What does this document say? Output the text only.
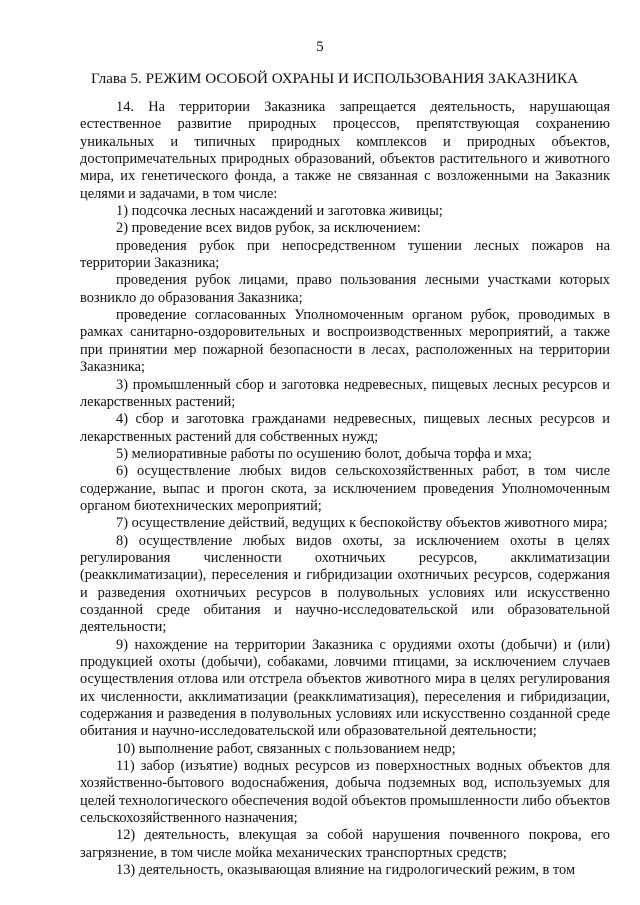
5
Глава 5. РЕЖИМ ОСОБОЙ ОХРАНЫ И ИСПОЛЬЗОВАНИЯ ЗАКАЗНИКА

14. На территории Заказника запрещается деятельность, нарушающая естественное развитие природных процессов, препятствующая сохранению уникальных и типичных природных комплексов и природных объектов, достопримечательных природных образований, объектов растительного и животного мира, их генетического фонда, а также не связанная с возложенными на Заказник целями и задачами, в том числе:

1) подсочка лесных насаждений и заготовка живицы;

2) проведение всех видов рубок, за исключением:

проведения рубок при непосредственном тушении лесных пожаров на территории Заказника;

проведения рубок лицами, право пользования лесными участками которых возникло до образования Заказника;

проведение согласованных Уполномоченным органом рубок, проводимых в рамках санитарно-оздоровительных и воспроизводственных мероприятий, а также при принятии мер пожарной безопасности в лесах, расположенных на территории Заказника;

3) промышленный сбор и заготовка недревесных, пищевых лесных ресурсов и лекарственных растений;

4) сбор и заготовка гражданами недревесных, пищевых лесных ресурсов и лекарственных растений для собственных нужд;

5) мелиоративные работы по осушению болот, добыча торфа и мха;

6) осуществление любых видов сельскохозяйственных работ, в том числе содержание, выпас и прогон скота, за исключением проведения Уполномоченным органом биотехнических мероприятий;

7) осуществление действий, ведущих к беспокойству объектов животного мира;

8) осуществление любых видов охоты, за исключением охоты в целях регулирования численности охотничьих ресурсов, акклиматизации (реакклиматизации), переселения и гибридизации охотничьих ресурсов, содержания и разведения охотничьих ресурсов в полувольных условиях или искусственно созданной среде обитания и научно-исследовательской или образовательной деятельности;

9) нахождение на территории Заказника с орудиями охоты (добычи) и (или) продукцией охоты (добычи), собаками, ловчими птицами, за исключением случаев осуществления отлова или отстрела объектов животного мира в целях регулирования их численности, акклиматизации (реакклиматизация), переселения и гибридизации, содержания и разведения в полувольных условиях или искусственно созданной среде обитания и научно-исследовательской или образовательной деятельности;

10) выполнение работ, связанных с пользованием недр;

11) забор (изъятие) водных ресурсов из поверхностных водных объектов для хозяйственно-бытового водоснабжения, добыча подземных вод, используемых для целей технологического обеспечения водой объектов промышленности либо объектов сельскохозяйственного назначения;

12) деятельность, влекущая за собой нарушения почвенного покрова, его загрязнение, в том числе мойка механических транспортных средств;

13) деятельность, оказывающая влияние на гидрологический режим, в том
